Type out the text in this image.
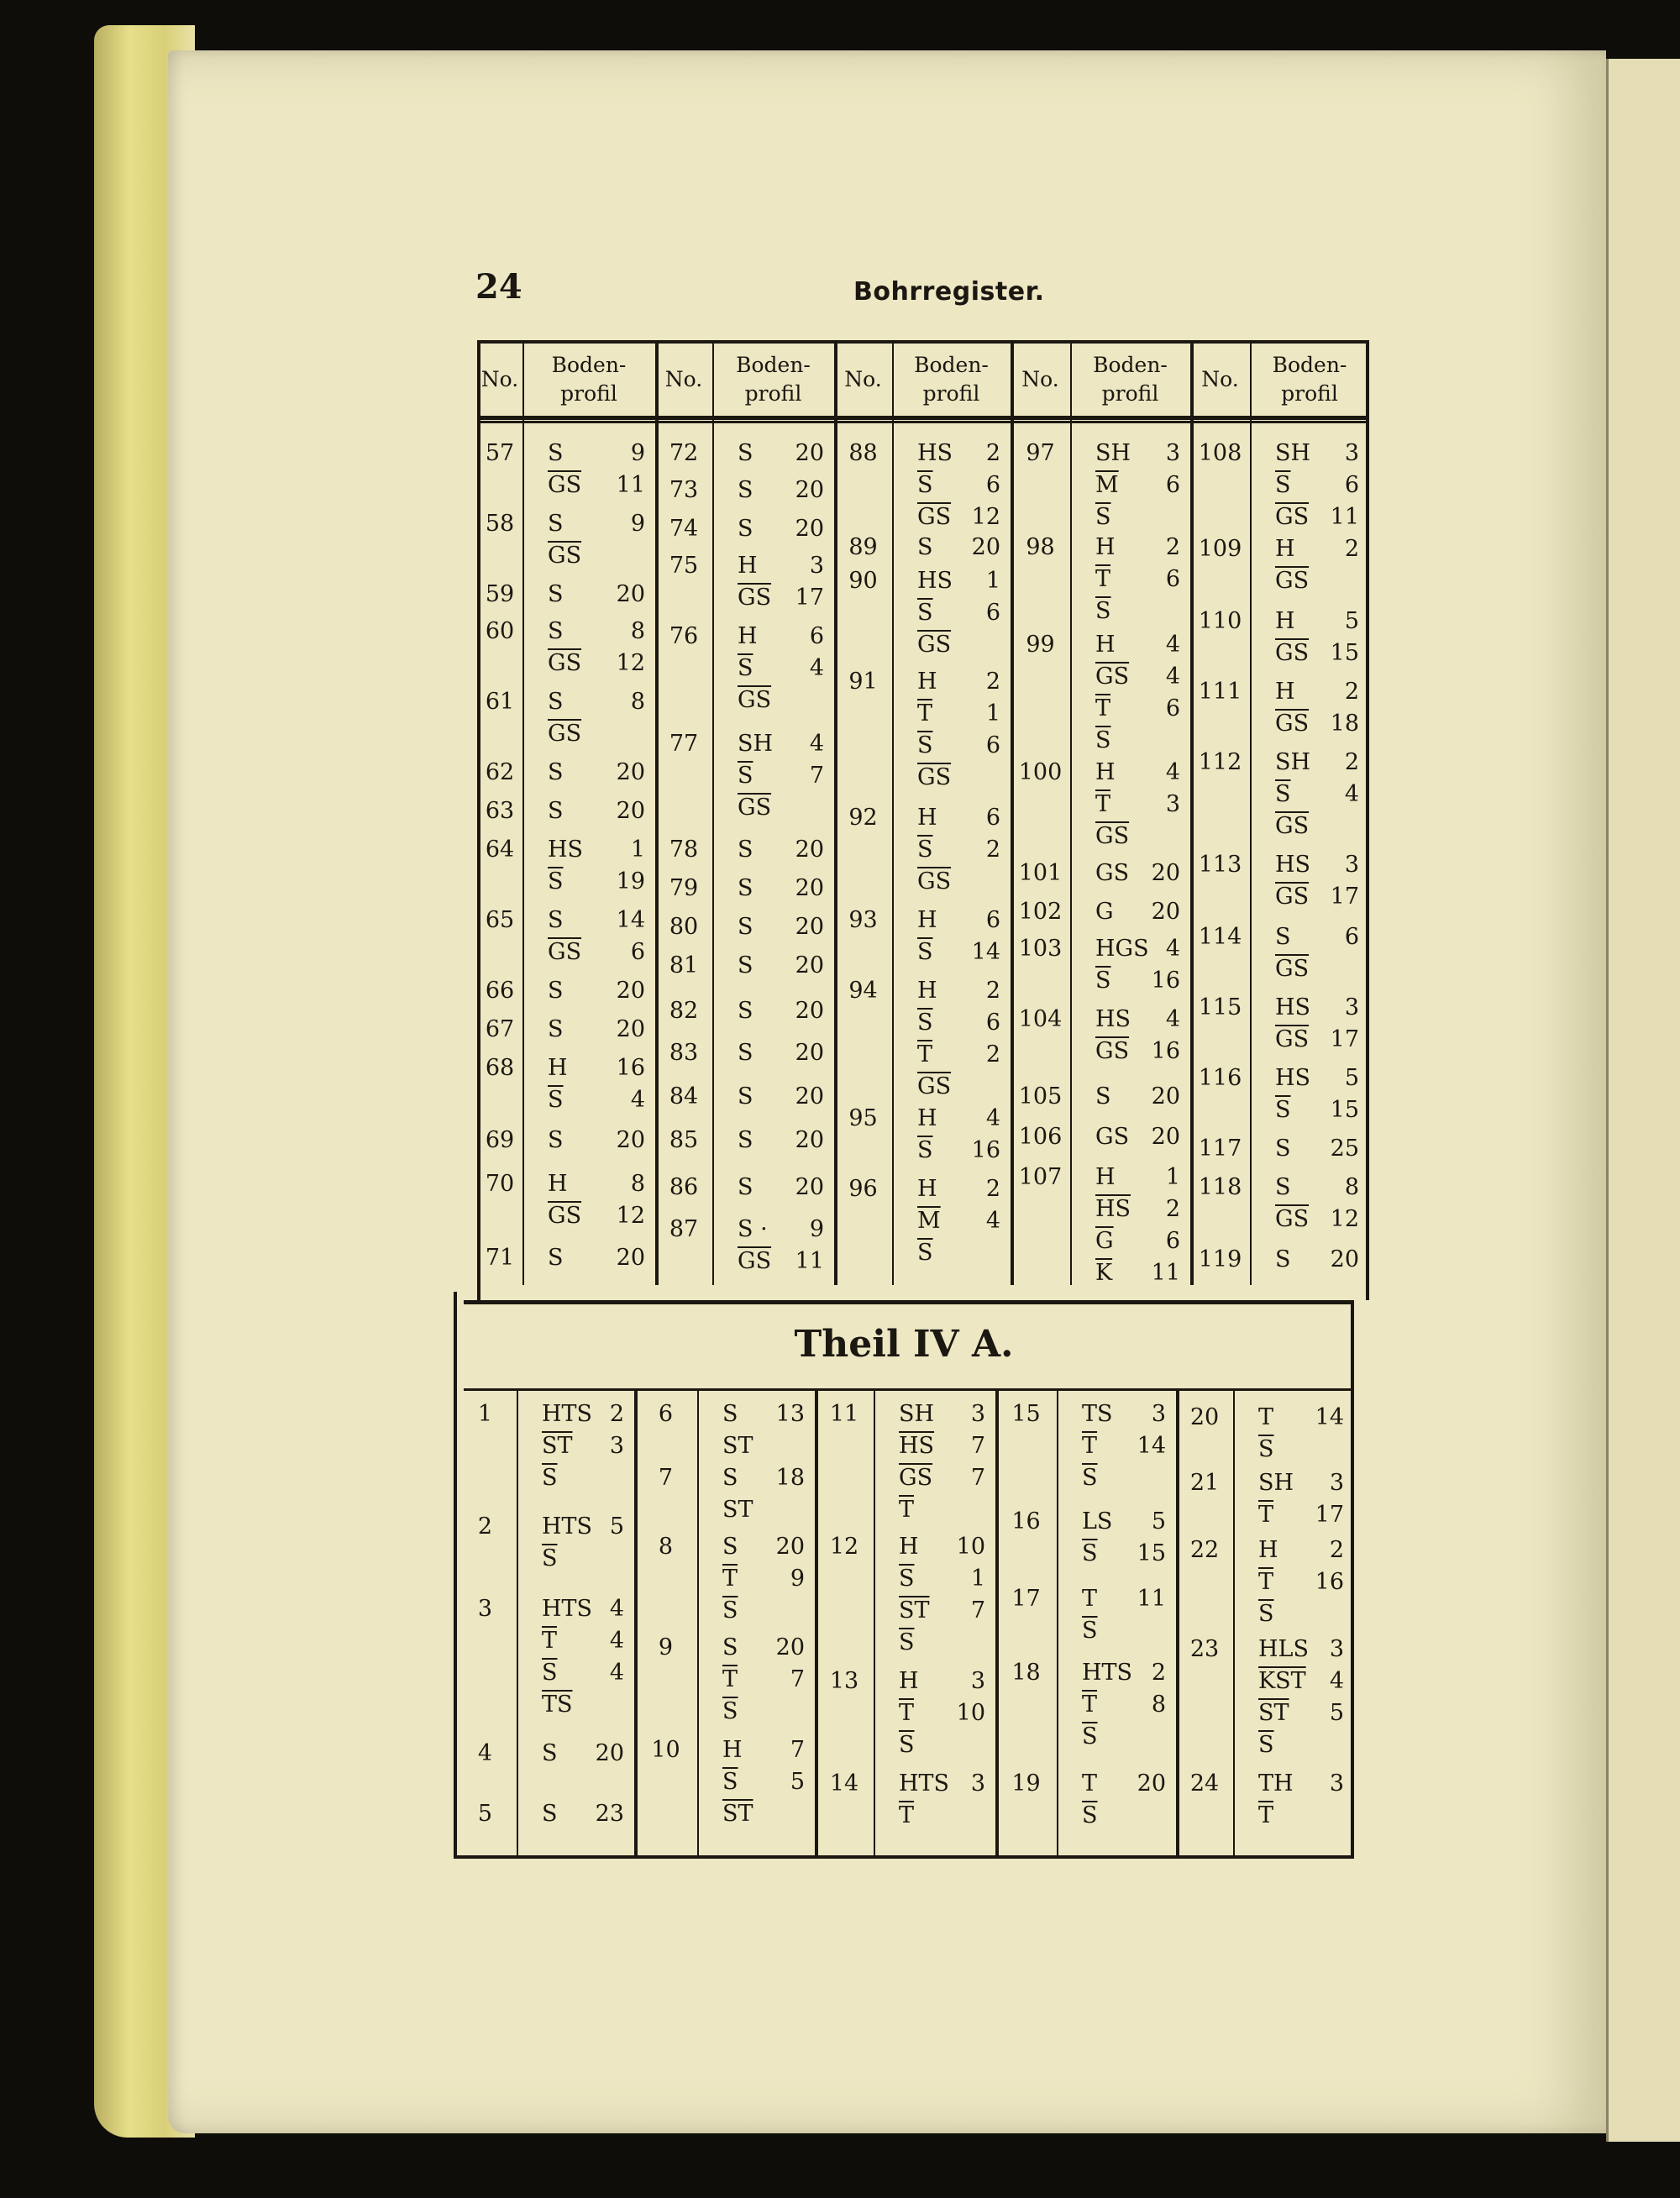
24	Bohrregister.
No.
Boden-
profil
No.
Boden-
profil
No.
Boden-
profil
No.
Boden-
profil
No.
Boden-
profil
57	S	9
$\overline{GS}$	11
58	S	9
$\overline{GS}$
59	S	20
60	S	8
$\overline{GS}$	12
61	S	8
$\overline{GS}$
62	S	20
63	S	20
64	HS	1
$\overline{S}$	19
65	S	14
$\overline{GS}$	6
66	S	20
67	S	20
68	H	16
$\overline{S}$	4
69	S	20
70	H	8
$\overline{GS}$	12
71	S	20
72	S	20
73	S	20
74	S	20
75	H	3
$\overline{GS}$	17
76	H	6
$\overline{S}$	4
$\overline{GS}$
77	SH	4
$\overline{S}$	7
$\overline{GS}$
78	S	20
79	S	20
80	S	20
81	S	20
82	S	20
83	S	20
84	S	20
85	S	20
86	S	20
87	S ·	9
$\overline{GS}$	11
88	HS	2
$\overline{S}$	6
$\overline{GS}$ 12
89	S	20
90	HS	1
$\overline{S}$	6
$\overline{GS}$
91	H	2
$\overline{T}$	1
$\overline{S}$	6
$\overline{GS}$
92	H	6
$\overline{S}$	2
$\overline{GS}$
93	H	6
$\overline{S}$	14
94	H	2
$\overline{S}$	6
$\overline{T}$	2
$\overline{GS}$
95	H	4
$\overline{S}$	16
96	H	2
$\overline{M}$	4
$\overline{S}$
97	SH	3
$\overline{M}$	6
$\overline{S}$
98	H	2
$\overline{T}$	6
$\overline{S}$
99	H	4
$\overline{GS}$	4
$\overline{T}$	6
$\overline{S}$
100	H	4
$\overline{T}$	3
$\overline{GS}$
101	GS 20
102	G	20
103	HGS 4
$\overline{S}$	16
104	HS	4
$\overline{GS}$ 16
105	S	20
106	GS 20
107	H	1
$\overline{HS}$	2
$\overline{G}$	6
$\overline{K}$	11
108	SH	3
$\overline{S}$	6
$\overline{GS}$ 11
109	H	2
$\overline{GS}$
110	H	5
$\overline{GS}$ 15
111	H	2
$\overline{GS}$ 18
112	SH	2
$\overline{S}$	4
$\overline{GS}$
113	HS	3
$\overline{GS}$ 17
114	S	6
$\overline{GS}$
115	HS	3
$\overline{GS}$ 17
116	HS	5
$\overline{S}$	15
117	S	25
118	S	8
$\overline{GS}$ 12
119	S	20
1	HTS 2
$\overline{ST}$	3
$\overline{S}$
2	HTS 5
$\overline{S}$
3	HTS 4
$\overline{T}$	4
$\overline{S}$	4
$\overline{TS}$
4	S	20
5	S	23
6	S	13
ST
7	S	18
ST
8	S	20
$\overline{T}$	9
$\overline{S}$
9	S	20
$\overline{T}$	7
$\overline{S}$
10	H	7
$\overline{S}$	5
$\overline{ST}$
11	SH	3
$\overline{HS}$	7
$\overline{GS}$	7
$\overline{T}$
12	H	10
$\overline{S}$	1
$\overline{ST}$	7
$\overline{S}$
13	H	3
$\overline{T}$	10
$\overline{S}$
14	HTS 3
$\overline{T}$
15	TS	3
$\overline{T}$	14
$\overline{S}$
16	LS	5
$\overline{S}$	15
17	T	11
$\overline{S}$
18	HTS 2
$\overline{T}$	8
$\overline{S}$
19	T	20
$\overline{S}$
20	T	14
$\overline{S}$
21	SH	3
$\overline{T}$	17
22	H	2
$\overline{T}$	16
$\overline{S}$
23	HLS 3
$\overline{KST}$	4
$\overline{ST}$	5
$\overline{S}$
24	TH	3
$\overline{T}$
Theil IV A.
